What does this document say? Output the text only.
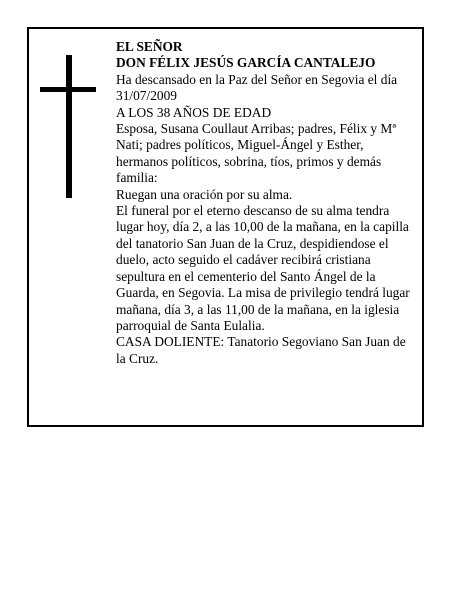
EL SEÑOR

DON FÉLIX JESÚS GARCÍA CANTALEJO

Ha descansado en la Paz del Señor en Segovia el día 31/07/2009

A LOS 38 AÑOS DE EDAD

Esposa, Susana Coullaut Arribas; padres, Félix y Mª Nati; padres políticos, Miguel-Ángel y Esther, hermanos políticos, sobrina, tíos, primos y demás familia:

Ruegan una oración por su alma.

El funeral por el eterno descanso de su alma tendra lugar hoy, día 2, a las 10,00 de la mañana, en la capilla del tanatorio San Juan de la Cruz, despidiendose el duelo, acto seguido el cadáver recibirá cristiana sepultura en el cementerio del Santo Ángel de la Guarda, en Segovia. La misa de privilegio tendrá lugar mañana, día 3, a las 11,00 de la mañana, en la iglesia parroquial de Santa Eulalia.

CASA DOLIENTE: Tanatorio Segoviano San Juan de la Cruz.
